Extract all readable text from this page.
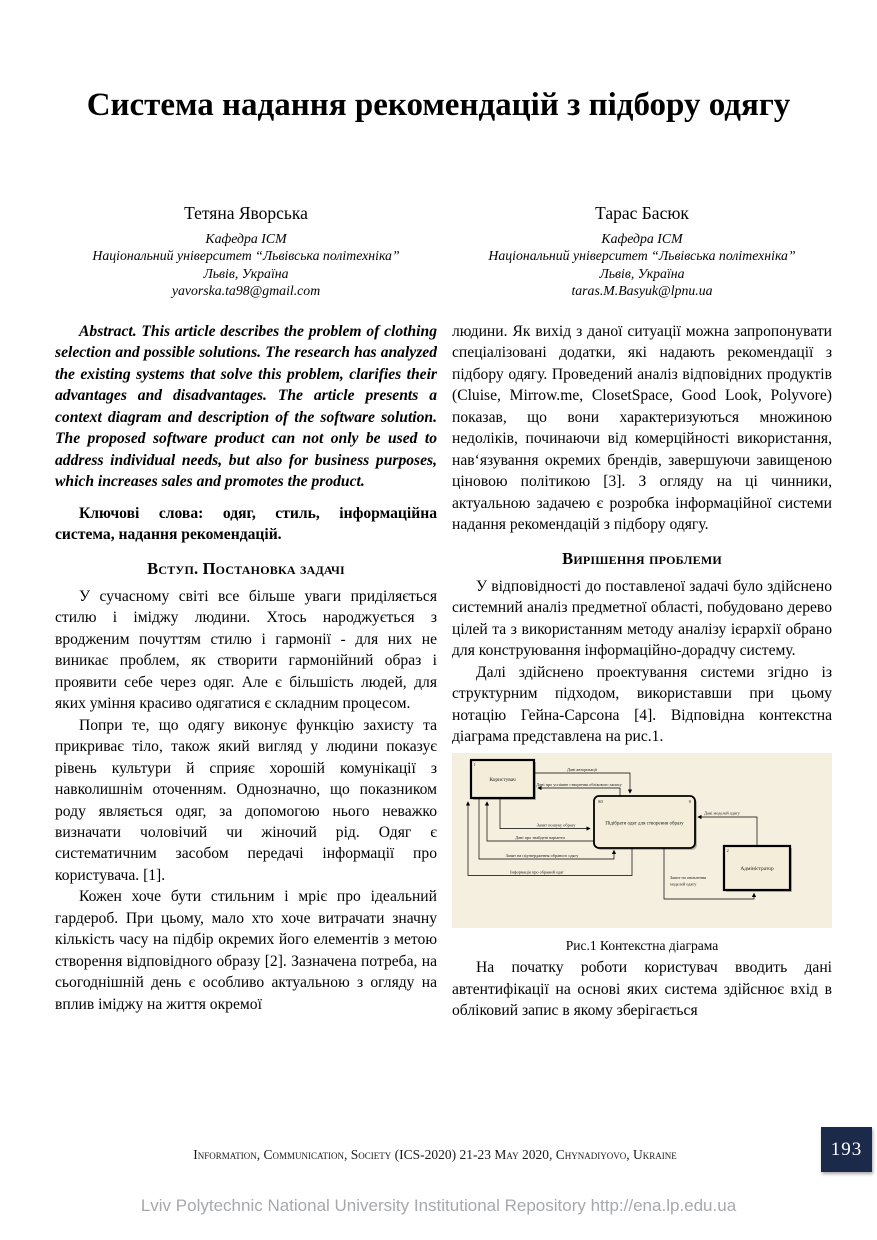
Система надання рекомендацій з підбору одягу
Тетяна Яворська
Кафедра ІСМ
Національний університет “Львівська політехніка”
Львів, Україна
yavorska.ta98@gmail.com
Тарас Басюк
Кафедра ІСМ
Національний університет “Львівська політехніка”
Львів, Україна
taras.M.Basyuk@lpnu.ua

Abstract. This article describes the problem of clothing selection and possible solutions. The research has analyzed the existing systems that solve this problem, clarifies their advantages and disadvantages. The article presents a context diagram and description of the software solution. The proposed software product can not only be used to address individual needs, but also for business purposes, which increases sales and promotes the product.

Ключові слова: одяг, стиль, інформаційна система, надання рекомендацій.

Вступ. Постановка задачі

У сучасному світі все більше уваги приділяється стилю і іміджу людини. Хтось народжується з вродженим почуттям стилю і гармонії - для них не виникає проблем, як створити гармонійний образ і проявити себе через одяг. Але є більшість людей, для яких уміння красиво одягатися є складним процесом.

Попри те, що одягу виконує функцію захисту та прикриває тіло, також який вигляд у людини показує рівень культури й сприяє хорошій комунікації з навколишнім оточенням. Однозначно, що показником роду являється одяг, за допомогою нього неважко визначати чоловічий чи жіночий рід. Одяг є систематичним засобом передачі інформації про користувача. [1].

Кожен хоче бути стильним і мріє про ідеальний гардероб. При цьому, мало хто хоче витрачати значну кількість часу на підбір окремих його елементів з метою створення відповідного образу [2]. Зазначена потреба, на сьогоднішній день є особливо актуальною з огляду на вплив іміджу на життя окремої

людини. Як вихід з даної ситуації можна запропонувати спеціалізовані додатки, які надають рекомендації з підбору одягу. Проведений аналіз відповідних продуктів (Cluise, Mirrow.me, ClosetSpace, Good Look, Polyvore) показав, що вони характеризуються множиною недоліків, починаючи від комерційності використання, нав‘язування окремих брендів, завершуючи завищеною ціновою політикою [3]. З огляду на ці чинники, актуальною задачею є розробка інформаційної системи надання рекомендацій з підбору одягу.

Вирішення проблеми

У відповідності до поставленої задачі було здійснено системний аналіз предметної області, побудовано дерево цілей та з використанням методу аналізу ієрархії обрано для конструювання інформаційно-дорадчу систему.

Далі здійснено проектування системи згідно із структурним підходом, використавши при цьому нотацію Гейна-Сарсона [4]. Відповідна контекстна діаграма представлена на рис.1.

1
Користувач
S0	0
Підібрати одяг для створення образу
2
Адміністратор
Дані авторизації
Дані про успішне створення облікового запису
Запит пошуку образу
Дані про знайдені варіанти
Запит на підтвердження обраного одягу
Інформація про обраний одяг
Дані моделей одягу
Запит на оновлення
моделей одягу
Рис.1 Контекстна діаграма

На початку роботи користувач вводить дані автентифікації на основі яких система здійснює вхід в обліковий запис в якому зберігається

Information, Communication, Society (ICS-2020) 21-23 May 2020, Chynadiyovo, Ukraine	193
Lviv Polytechnic National University Institutional Repository http://ena.lp.edu.ua
